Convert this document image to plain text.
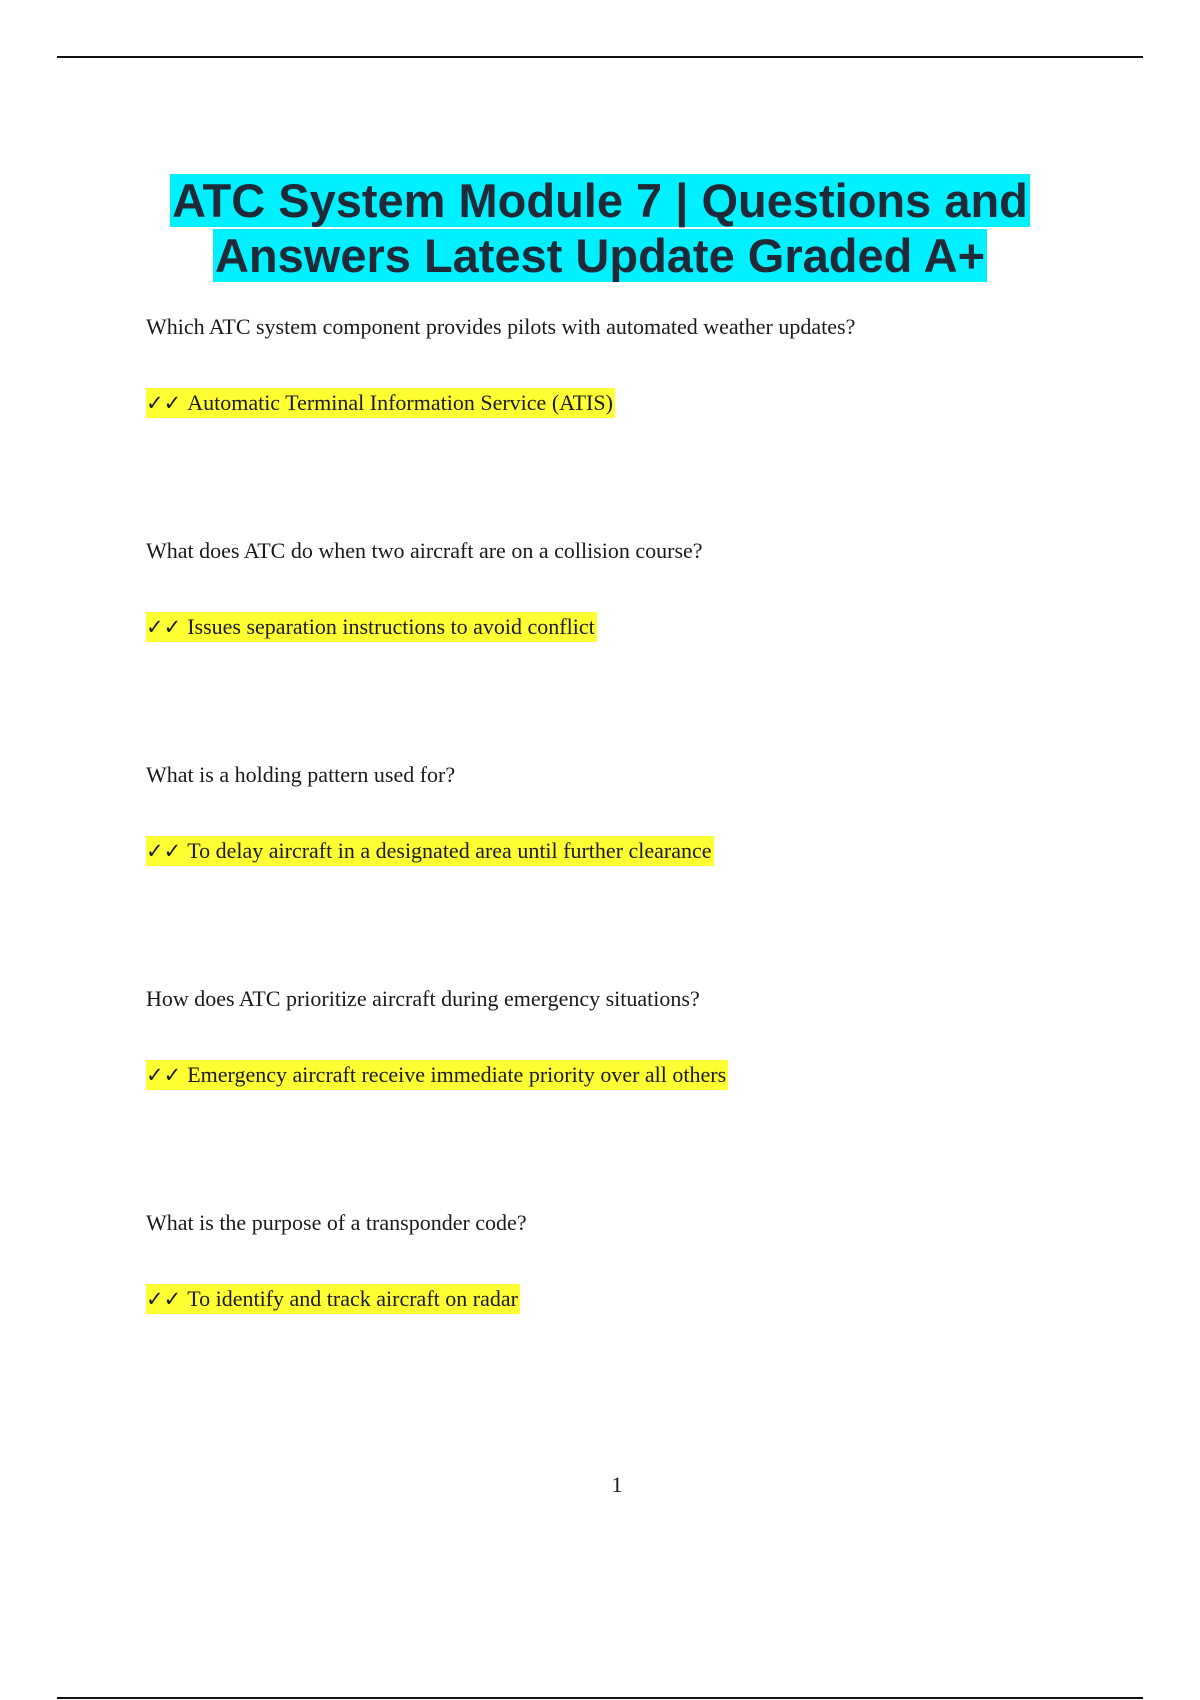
ATC System Module 7 | Questions and
Answers Latest Update Graded A+

Which ATC system component provides pilots with automated weather updates?

✓✓ Automatic Terminal Information Service (ATIS)

What does ATC do when two aircraft are on a collision course?

✓✓ Issues separation instructions to avoid conflict

What is a holding pattern used for?

✓✓ To delay aircraft in a designated area until further clearance

How does ATC prioritize aircraft during emergency situations?

✓✓ Emergency aircraft receive immediate priority over all others

What is the purpose of a transponder code?

✓✓ To identify and track aircraft on radar
1
